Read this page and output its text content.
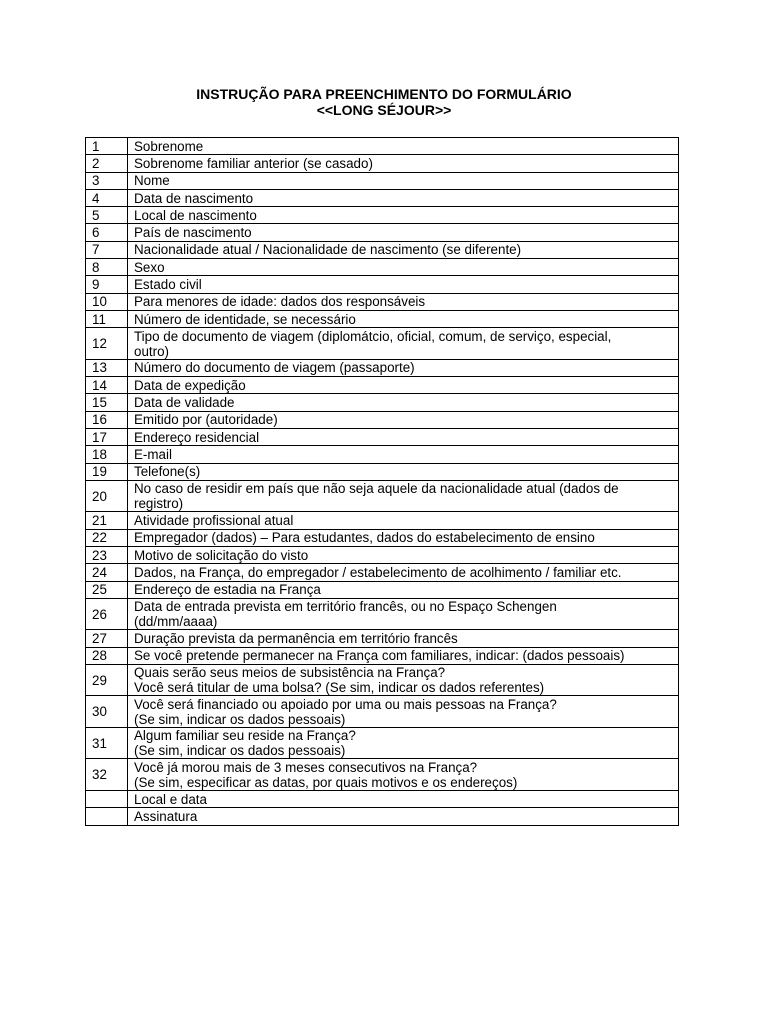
INSTRUÇÃO PARA PREENCHIMENTO DO FORMULÁRIO
<<LONG SÉJOUR>>
1	Sobrenome
2	Sobrenome familiar anterior (se casado)
3	Nome
4	Data de nascimento
5	Local de nascimento
6	País de nascimento
7	Nacionalidade atual / Nacionalidade de nascimento (se diferente)
8	Sexo
9	Estado civil
10	Para menores de idade: dados dos responsáveis
11	Número de identidade, se necessário
12	Tipo de documento de viagem (diplomátcio, oficial, comum, de serviço, especial,
outro)

13	Número do documento de viagem (passaporte)
14	Data de expedição
15	Data de validade
16	Emitido por (autoridade)
17	Endereço residencial
18	E-mail
19	Telefone(s)
20	No caso de residir em país que não seja aquele da nacionalidade atual (dados de
registro)

21	Atividade profissional atual
22	Empregador (dados) – Para estudantes, dados do estabelecimento de ensino
23	Motivo de solicitação do visto
24	Dados, na França, do empregador / estabelecimento de acolhimento / familiar etc.
25	Endereço de estadia na França
26	Data de entrada prevista em território francês, ou no Espaço Schengen
(dd/mm/aaaa)

27	Duração prevista da permanência em território francês
28	Se você pretende permanecer na França com familiares, indicar: (dados pessoais)
29	Quais serão seus meios de subsistência na França?
Você será titular de uma bolsa? (Se sim, indicar os dados referentes)

30	Você será financiado ou apoiado por uma ou mais pessoas na França?
(Se sim, indicar os dados pessoais)

31	Algum familiar seu reside na França?
(Se sim, indicar os dados pessoais)

32	Você já morou mais de 3 meses consecutivos na França?
(Se sim, especificar as datas, por quais motivos e os endereços)

	Local e data
	Assinatura
